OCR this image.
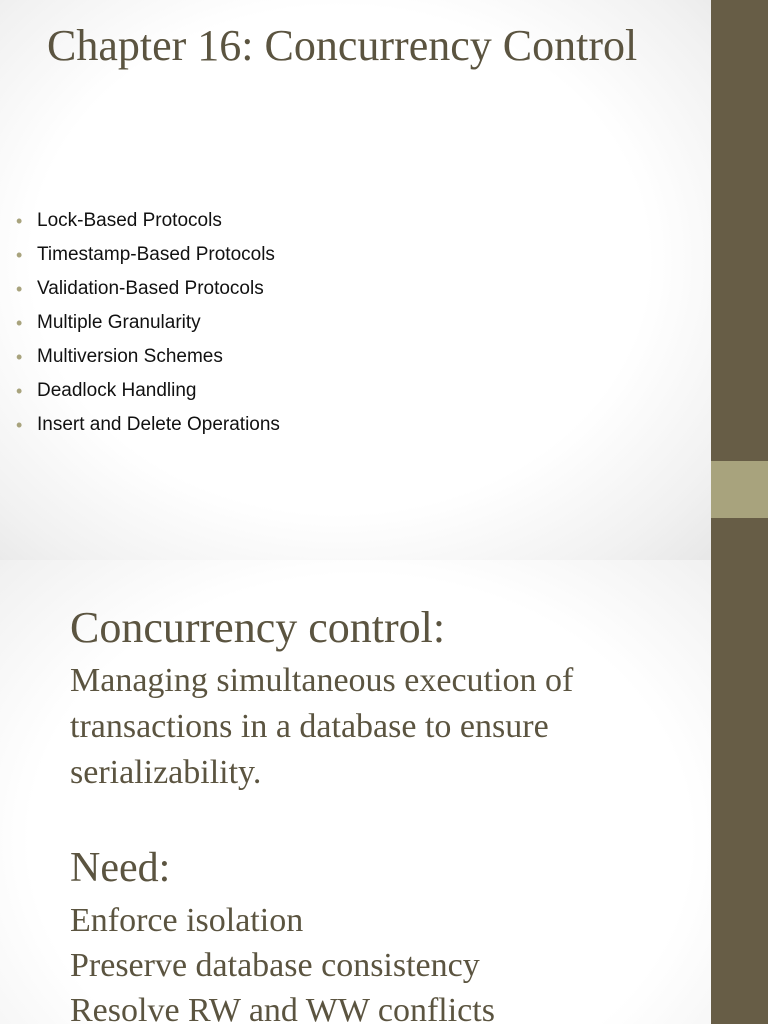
Chapter 16: Concurrency Control
• Lock-Based Protocols
• Timestamp-Based Protocols
• Validation-Based Protocols
• Multiple Granularity
• Multiversion Schemes
• Deadlock Handling
• Insert and Delete Operations
Concurrency control:

Managing simultaneous execution of transactions in a database to ensure serializability.

Need:
Enforce isolation
Preserve database consistency
Resolve RW and WW conflicts
